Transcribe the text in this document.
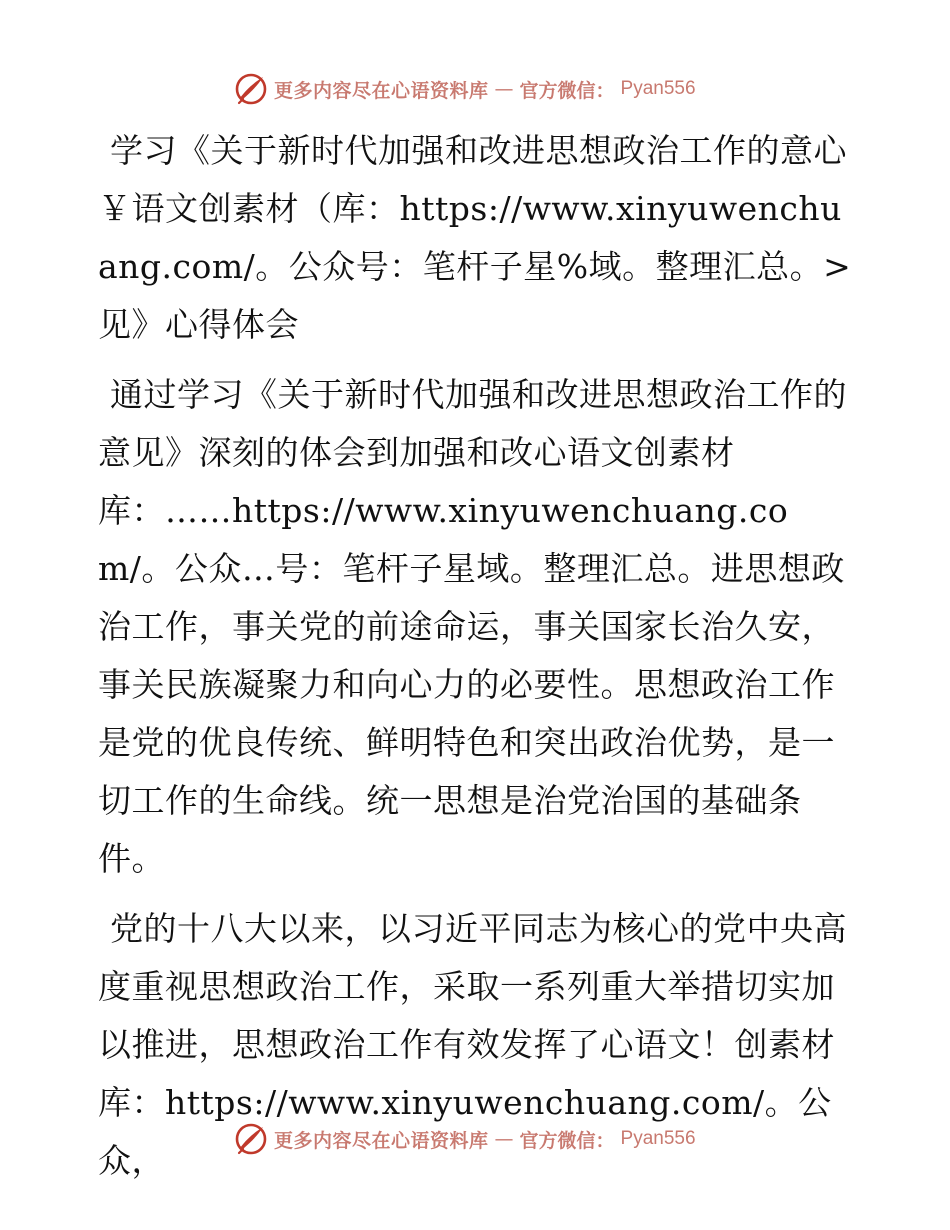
更多内容尽在心语资料库 — 官方微信： Pyan556

学习《关于新时代加强和改进思想政治工作的意心￥语文创素材（库：https://www.xinyuwenchuang.com/。公众号：笔杆子星%域。整理汇总。>见》心得体会

通过学习《关于新时代加强和改进思想政治工作的意见》深刻的体会到加强和改心语文创素材库：……https://www.xinyuwenchuang.com/。公众…号：笔杆子星域。整理汇总。进思想政治工作，事关党的前途命运，事关国家长治久安，事关民族凝聚力和向心力的必要性。思想政治工作是党的优良传统、鲜明特色和突出政治优势，是一切工作的生命线。统一思想是治党治国的基础条件。

党的十八大以来，以习近平同志为核心的党中央高度重视思想政治工作，采取一系列重大举措切实加以推进，思想政治工作有效发挥了心语文！创素材库：https://www.xinyuwenchuang.com/。公众，

更多内容尽在心语资料库 — 官方微信： Pyan556
